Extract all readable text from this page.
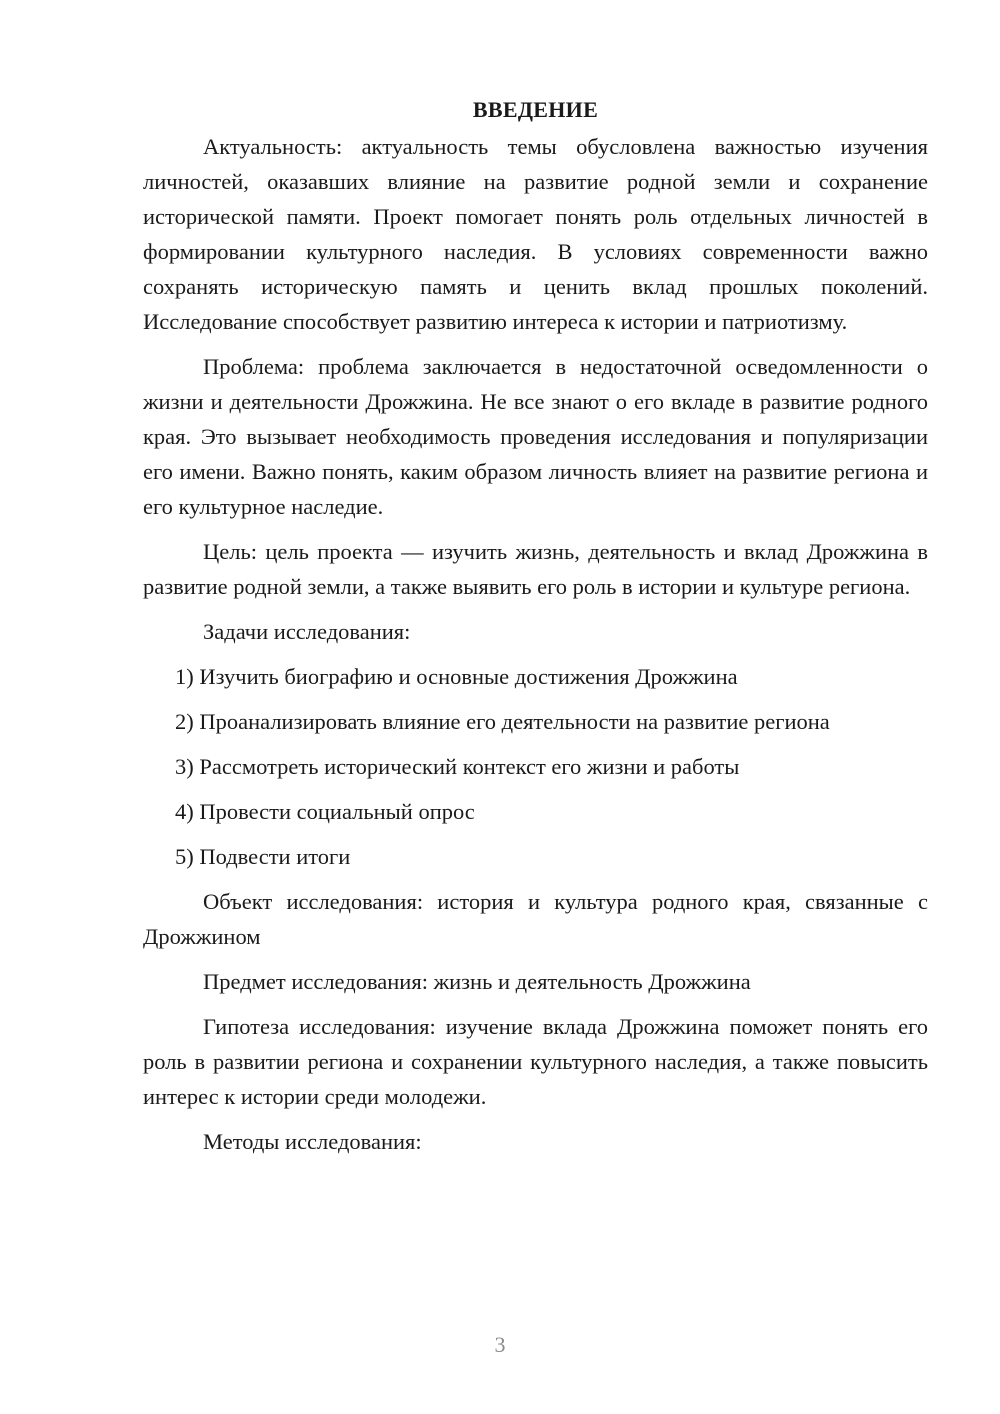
ВВЕДЕНИЕ

Актуальность: актуальность темы обусловлена важностью изучения личностей, оказавших влияние на развитие родной земли и сохранение исторической памяти. Проект помогает понять роль отдельных личностей в формировании культурного наследия. В условиях современности важно сохранять историческую память и ценить вклад прошлых поколений. Исследование способствует развитию интереса к истории и патриотизму.

Проблема: проблема заключается в недостаточной осведомленности о жизни и деятельности Дрожжина. Не все знают о его вкладе в развитие родного края. Это вызывает необходимость проведения исследования и популяризации его имени. Важно понять, каким образом личность влияет на развитие региона и его культурное наследие.

Цель: цель проекта — изучить жизнь, деятельность и вклад Дрожжина в развитие родной земли, а также выявить его роль в истории и культуре региона.

Задачи исследования:

1) Изучить биографию и основные достижения Дрожжина

2) Проанализировать влияние его деятельности на развитие региона

3) Рассмотреть исторический контекст его жизни и работы

4) Провести социальный опрос

5) Подвести итоги

Объект исследования: история и культура родного края, связанные с Дрожжином

Предмет исследования: жизнь и деятельность Дрожжина

Гипотеза исследования: изучение вклада Дрожжина поможет понять его роль в развитии региона и сохранении культурного наследия, а также повысить интерес к истории среди молодежи.

Методы исследования:

3
